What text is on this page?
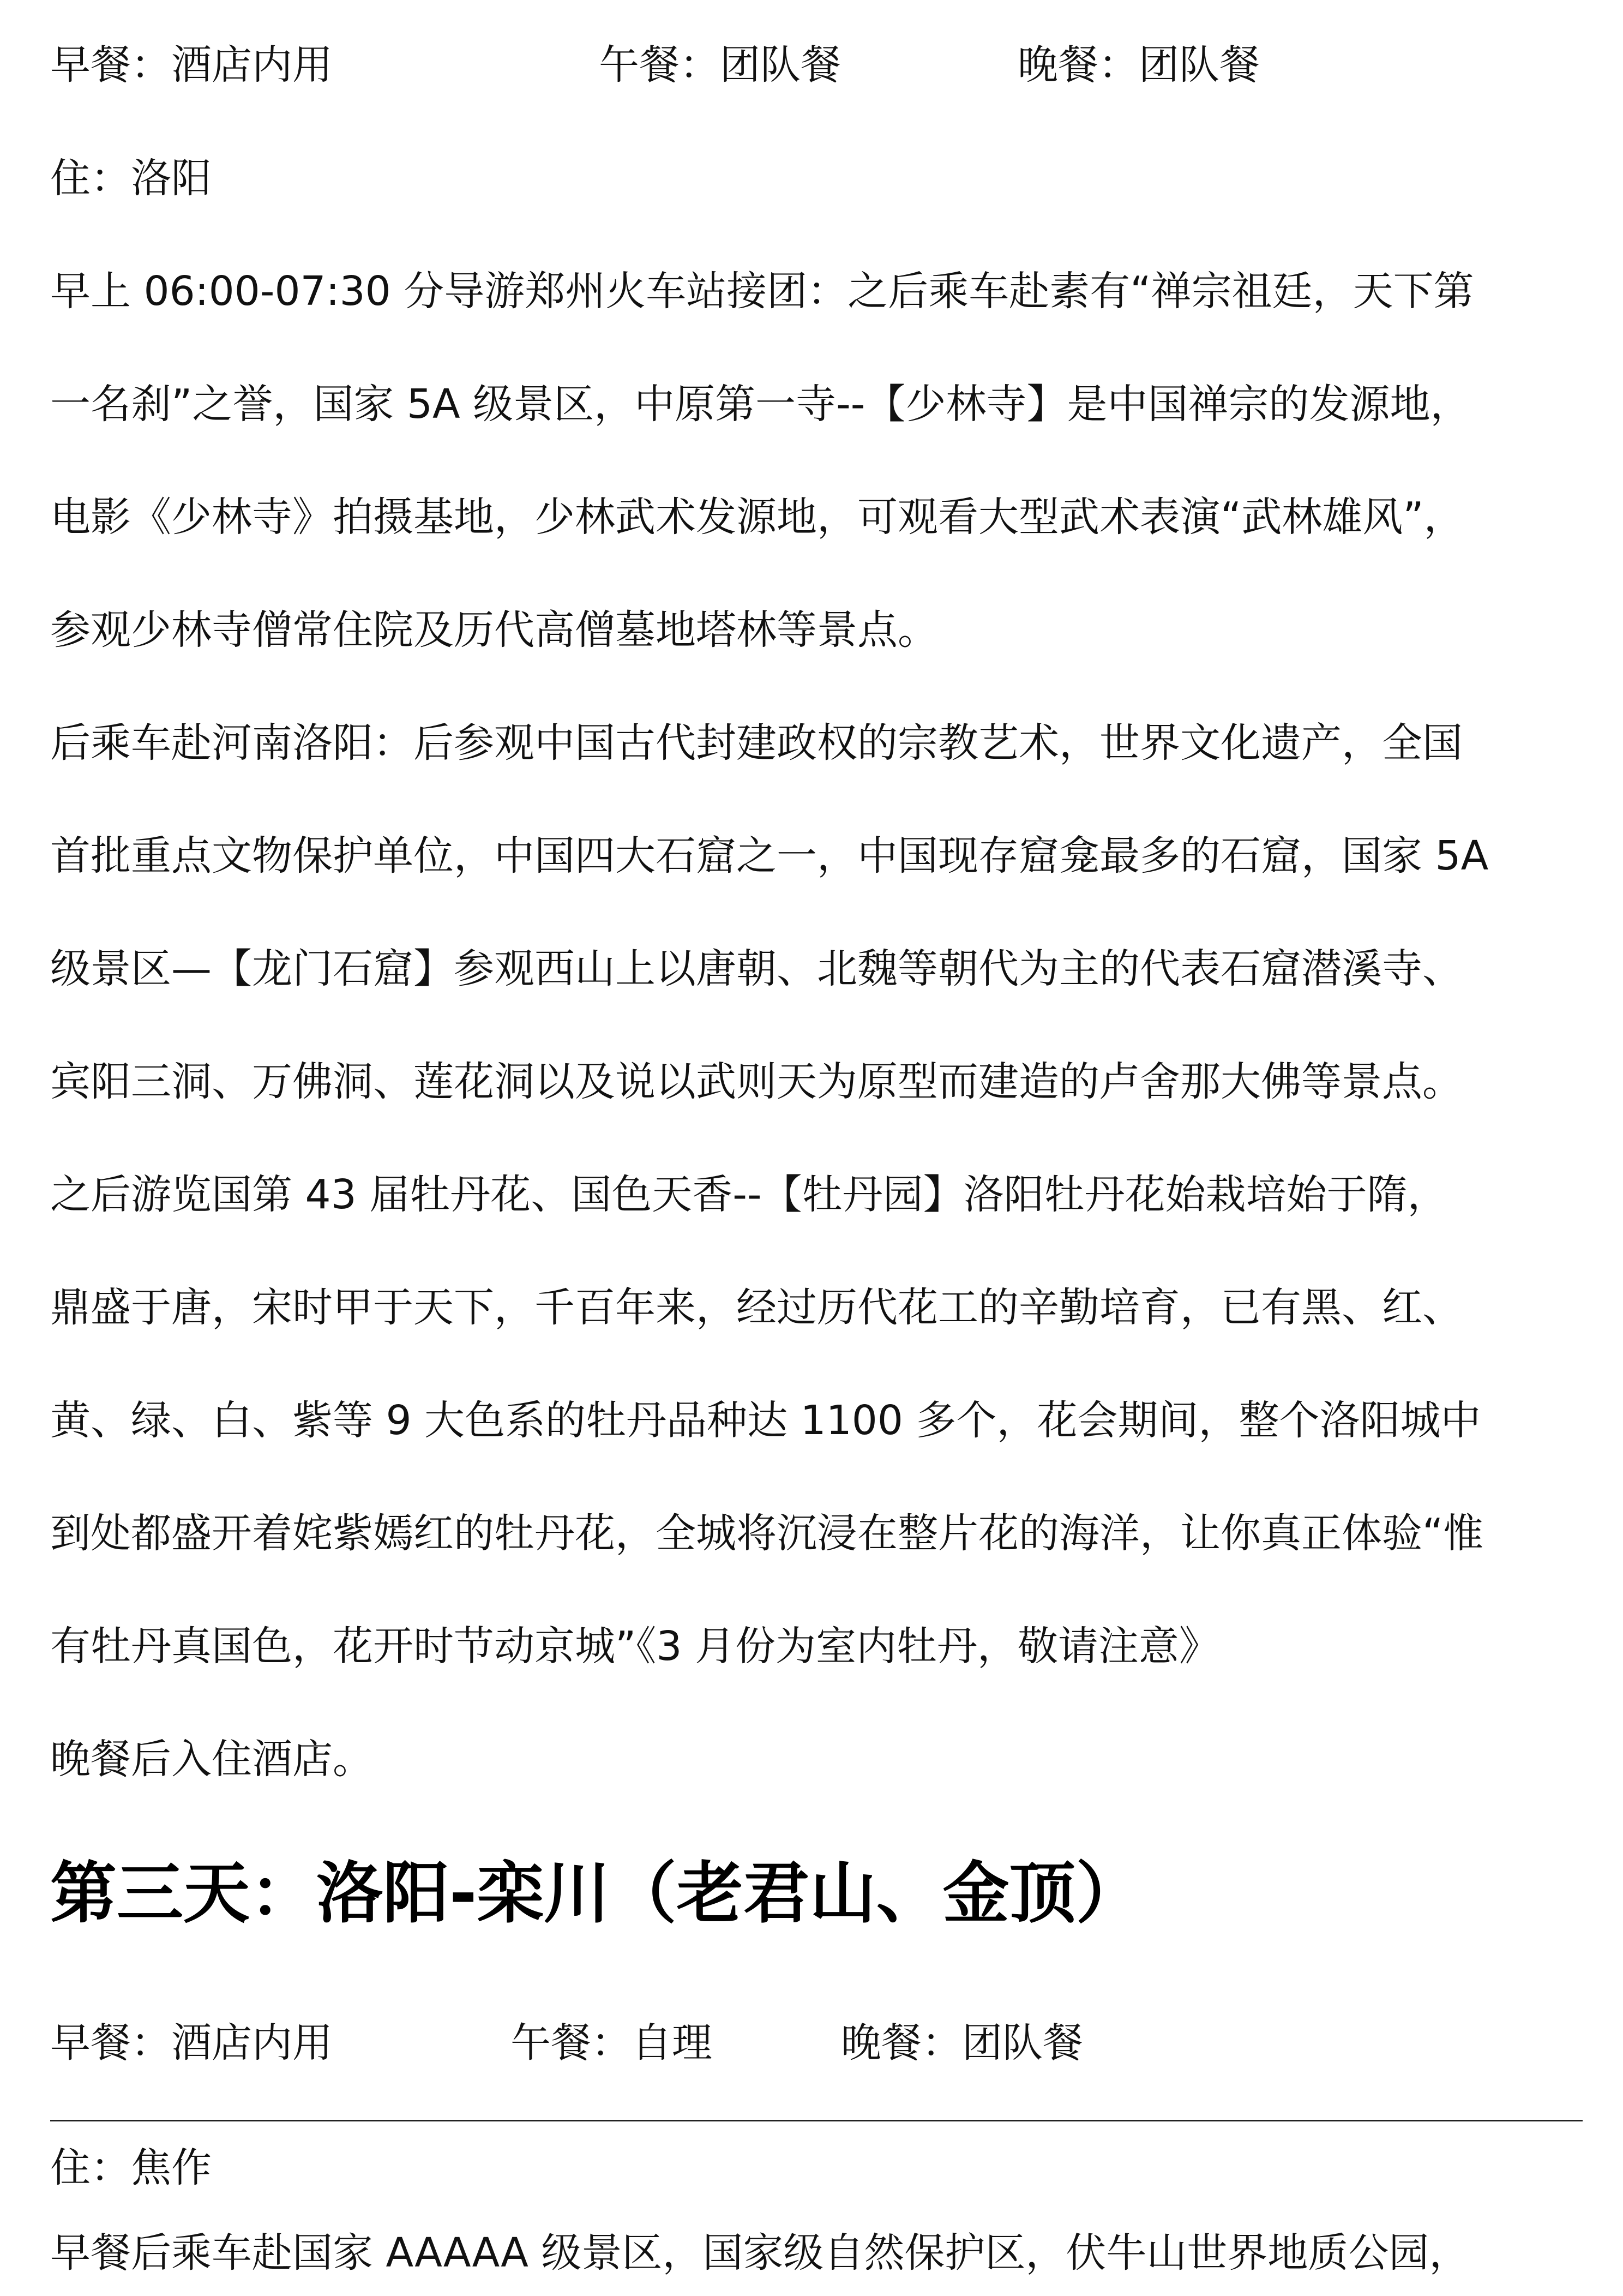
早餐：酒店内用	午餐：团队餐	晚餐：团队餐
住：洛阳
早上 06:00-07:30 分导游郑州火车站接团：之后乘车赴素有“禅宗祖廷，天下第
一名刹”之誉，国家 5A 级景区，中原第一寺--【少林寺】是中国禅宗的发源地，
电影《少林寺》拍摄基地，少林武术发源地，可观看大型武术表演“武林雄风”，
参观少林寺僧常住院及历代高僧墓地塔林等景点。
后乘车赴河南洛阳：后参观中国古代封建政权的宗教艺术，世界文化遗产，全国
首批重点文物保护单位，中国四大石窟之一，中国现存窟龛最多的石窟，国家 5A
级景区—【龙门石窟】参观西山上以唐朝、北魏等朝代为主的代表石窟潜溪寺、
宾阳三洞、万佛洞、莲花洞以及说以武则天为原型而建造的卢舍那大佛等景点。
之后游览国第 43 届牡丹花、国色天香--【牡丹园】洛阳牡丹花始栽培始于隋，
鼎盛于唐，宋时甲于天下，千百年来，经过历代花工的辛勤培育，已有黑、红、
黄、绿、白、紫等 9 大色系的牡丹品种达 1100 多个，花会期间，整个洛阳城中
到处都盛开着姹紫嫣红的牡丹花，全城将沉浸在整片花的海洋，让你真正体验“惟
有牡丹真国色，花开时节动京城”《3 月份为室内牡丹，敬请注意》
晚餐后入住酒店。
第三天：洛阳-栾川（老君山、金顶）
早餐：酒店内用	午餐：自理	晚餐：团队餐
住：焦作
早餐后乘车赴国家 AAAAA 级景区，国家级自然保护区，伏牛山世界地质公园，
